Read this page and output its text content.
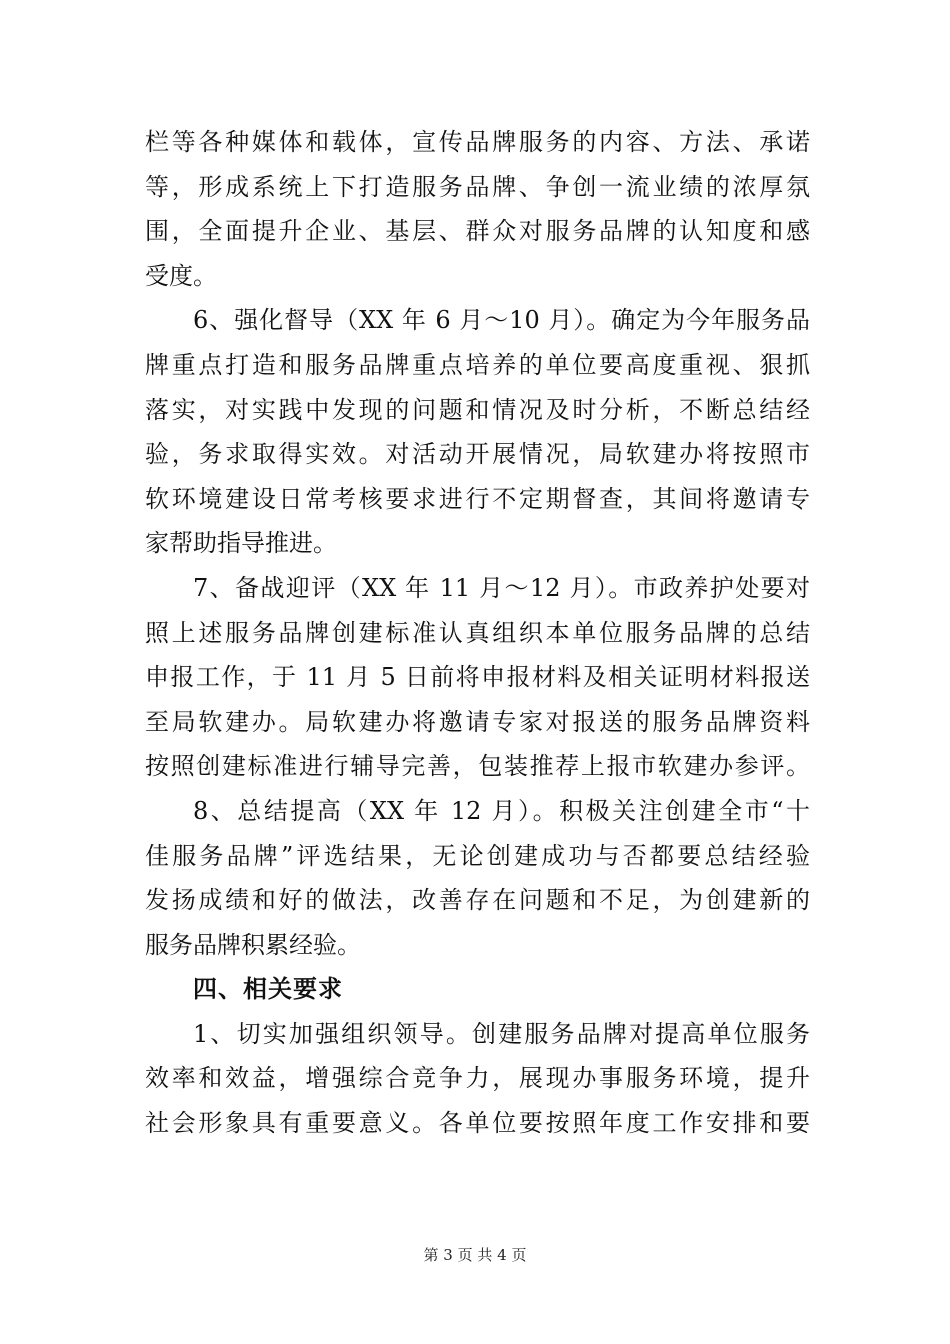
栏等各种媒体和载体，宣传品牌服务的内容、方法、承诺
等，形成系统上下打造服务品牌、争创一流业绩的浓厚氛
围，全面提升企业、基层、群众对服务品牌的认知度和感
受度。
6、强化督导（XX 年 6 月～10 月）。确定为今年服务品
牌重点打造和服务品牌重点培养的单位要高度重视、狠抓
落实，对实践中发现的问题和情况及时分析，不断总结经
验，务求取得实效。对活动开展情况，局软建办将按照市
软环境建设日常考核要求进行不定期督查，其间将邀请专
家帮助指导推进。
7、备战迎评（XX 年 11 月～12 月）。市政养护处要对
照上述服务品牌创建标准认真组织本单位服务品牌的总结
申报工作，于 11 月 5 日前将申报材料及相关证明材料报送
至局软建办。局软建办将邀请专家对报送的服务品牌资料
按照创建标准进行辅导完善，包装推荐上报市软建办参评。
8、总结提高（XX 年 12 月）。积极关注创建全市“十
佳服务品牌”评选结果，无论创建成功与否都要总结经验
发扬成绩和好的做法，改善存在问题和不足，为创建新的
服务品牌积累经验。
四、相关要求
1、切实加强组织领导。创建服务品牌对提高单位服务
效率和效益，增强综合竞争力，展现办事服务环境，提升
社会形象具有重要意义。各单位要按照年度工作安排和要
第 3 页 共 4 页
